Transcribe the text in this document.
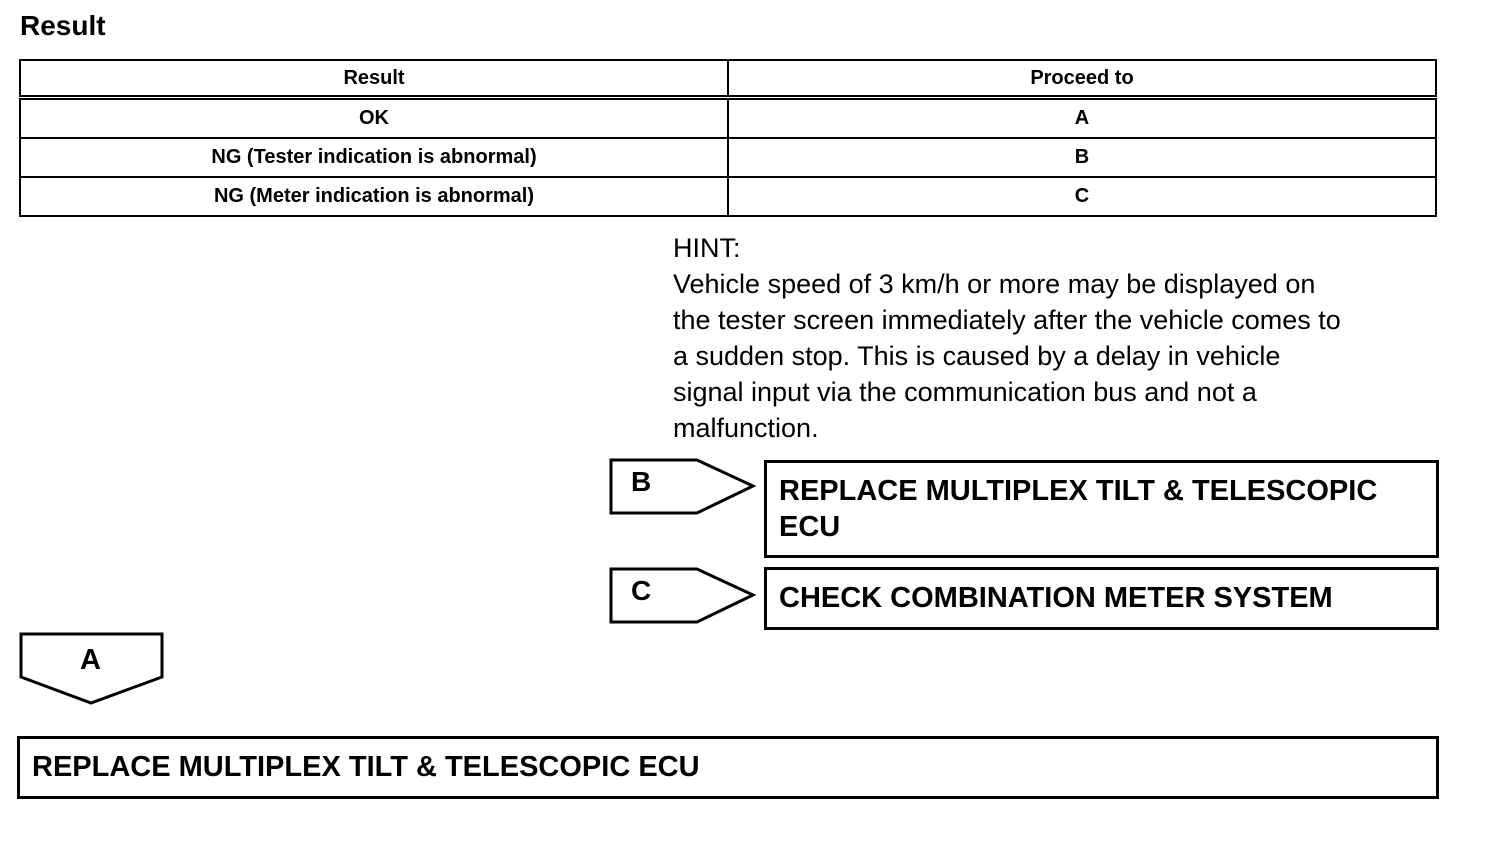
Result
Result	Proceed to
OK	A
NG (Tester indication is abnormal)	B
NG (Meter indication is abnormal)	C
HINT:
Vehicle speed of 3 km/h or more may be displayed on
the tester screen immediately after the vehicle comes to
a sudden stop. This is caused by a delay in vehicle
signal input via the communication bus and not a
malfunction.
B	REPLACE MULTIPLEX TILT & TELESCOPIC
ECU
C	CHECK COMBINATION METER SYSTEM
A
REPLACE MULTIPLEX TILT & TELESCOPIC ECU
